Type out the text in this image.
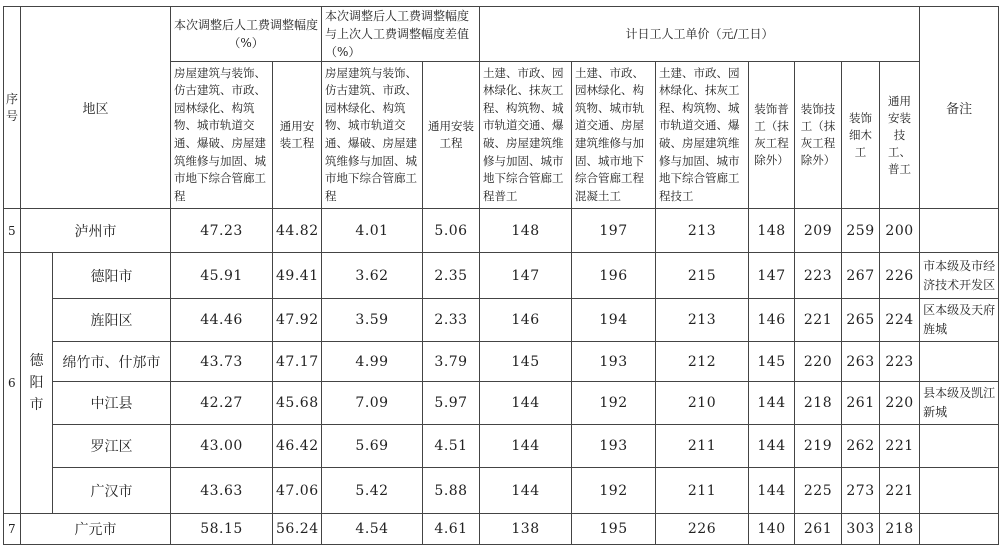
序号	地区		本次调整后人工费调整幅度（%）		本次调整后人工费调整幅度与上次人工费调整幅度差值（%）		计日工人工单价（元/工日）							备注
			房屋建筑与装饰、仿古建筑、市政、园林绿化、构筑物、城市轨道交通、爆破、房屋建筑维修与加固、城市地下综合管廊工程	通用安装工程	房屋建筑与装饰、仿古建筑、市政、园林绿化、构筑物、城市轨道交通、爆破、房屋建筑维修与加固、城市地下综合管廊工程	通用安装工程	土建、市政、园林绿化、抹灰工程、构筑物、城市轨道交通、爆破、房屋建筑维修与加固、城市地下综合管廊工程普工	土建、市政、园林绿化、构筑物、城市轨道交通、房屋建筑维修与加固、城市地下综合管廊工程混凝土工	土建、市政、园林绿化、抹灰工程、构筑物、城市轨道交通、爆破、房屋建筑维修与加固、城市地下综合管廊工程技工	装饰普工（抹灰工程除外）	装饰技工（抹灰工程除外）	装饰细木工	通用安装技工、普工	
5	泸州市		47.23	44.82	4.01	5.06	148	197	213	148	209	259	200	
6	德阳市	德阳市	45.91	49.41	3.62	2.35	147	196	215	147	223	267	226	市本级及市经济技术开发区
		旌阳区	44.46	47.92	3.59	2.33	146	194	213	146	221	265	224	区本级及天府旌城
		绵竹市、什邡市	43.73	47.17	4.99	3.79	145	193	212	145	220	263	223	
		中江县	42.27	45.68	7.09	5.97	144	192	210	144	218	261	220	县本级及凯江新城
		罗江区	43.00	46.42	5.69	4.51	144	193	211	144	219	262	221	
		广汉市	43.63	47.06	5.42	5.88	144	192	211	144	225	273	221	
7	广元市		58.15	56.24	4.54	4.61	138	195	226	140	261	303	218	
